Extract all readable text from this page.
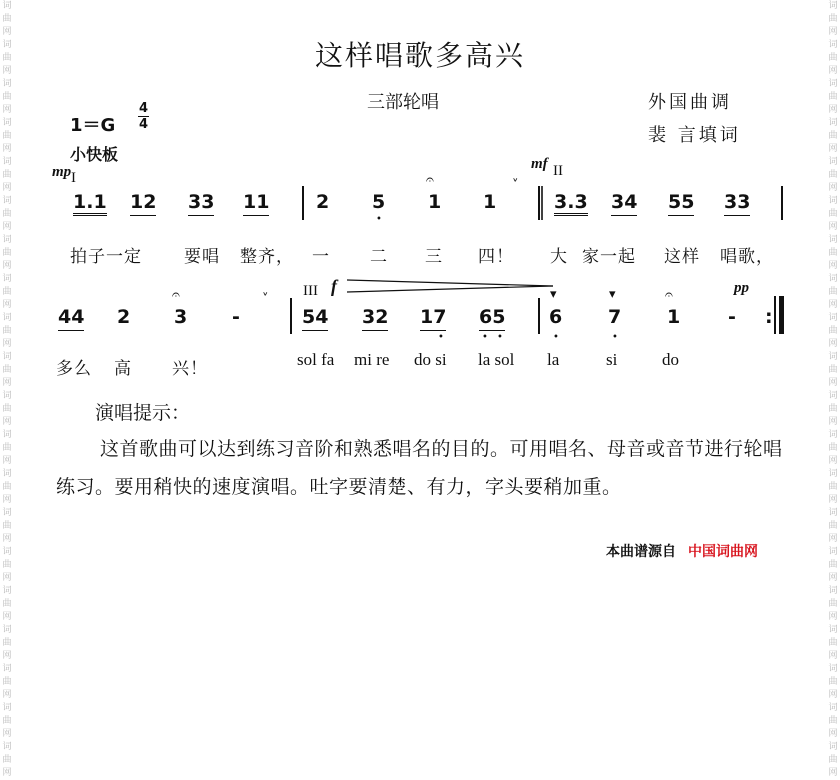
词曲网
词曲网
词曲网
词曲网
词曲网
词曲网
词曲网
词曲网
词曲网
词曲网
词曲网
词曲网
词曲网
词曲网
词曲网
词曲网
词曲网
词曲网
词曲网
词曲网
词曲网
词曲网
词曲网
词曲网
词曲网
词曲网
词曲网
词曲网
词曲网
词曲网
词曲网
词曲网
词曲网
词曲网
词曲网
词曲网
词曲网
词曲网
词曲网
词曲网
这样唱歌多高兴
三部轮唱	外国曲调
裴 言填词
1＝G
4
4
小快板
mp I
mf II
1.1 12 33 11 2 5
•
𝄐
1 1
˅
3.3 34 55 33
拍子一定 要唱 整齐， 一 二 三 四！ 大 家一起 这样 唱歌，
III f	pp
44 2
𝄐
3 -
˅
54 32 17
•
65
• •
▾
6
•
▾
7
•
𝄐
1	- :
多么 高 兴！	sol fa mi re do si la sol la	si	do
演唱提示：
这首歌曲可以达到练习音阶和熟悉唱名的目的。可用唱名、母音或音节进行轮唱练习。要用稍快的速度演唱。吐字要清楚、有力，字头要稍加重。
本曲谱源自 中国词曲网
